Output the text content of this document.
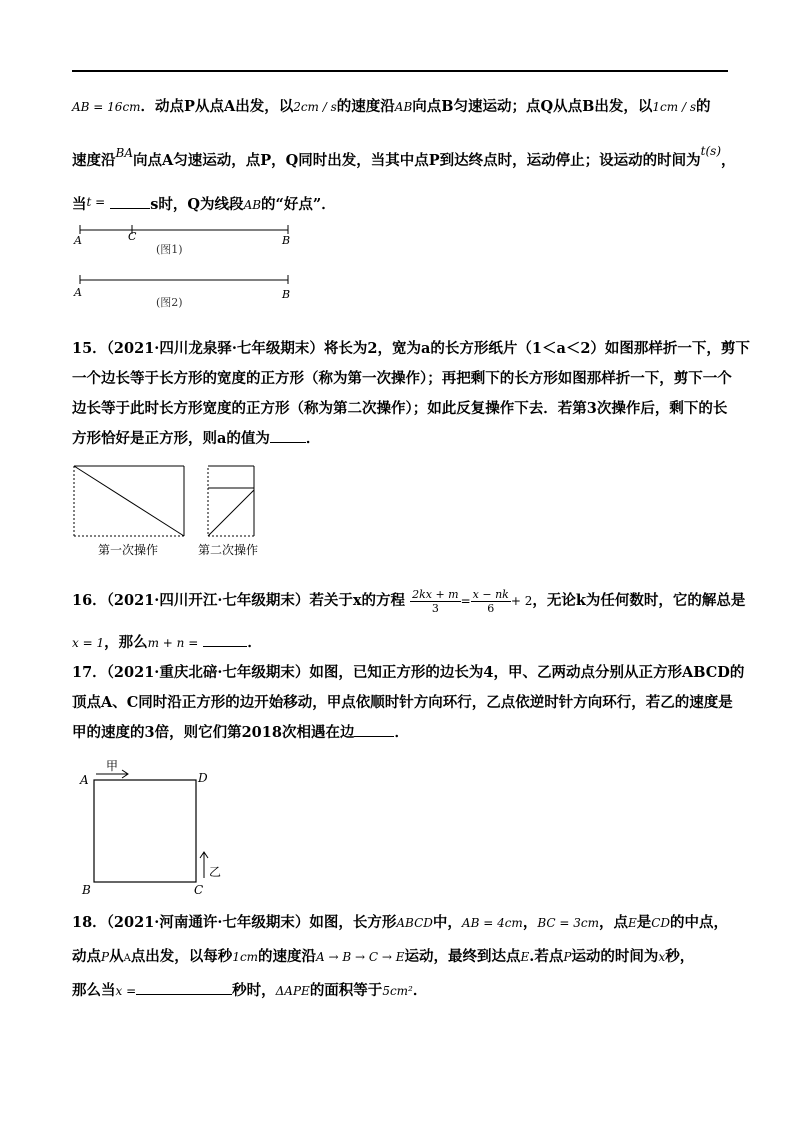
AB = 16cm．动点P从点A出发，以2cm / s的速度沿AB向点B匀速运动；点Q从点B出发，以1cm / s的
速度沿$^{BA}$向点A匀速运动，点P，Q同时出发，当其中点P到达终点时，运动停止；设运动的时间为$^{t(s)}$，
当$^{t =}$	s时，Q为线段AB的“好点”．
A	C	B
(图1)
A	B
(图2)
15．（2021·四川龙泉驿·七年级期末）将长为2，宽为a的长方形纸片（1＜a＜2）如图那样折一下，剪下
一个边长等于长方形的宽度的正方形（称为第一次操作）；再把剩下的长方形如图那样折一下，剪下一个
边长等于此时长方形宽度的正方形（称为第二次操作）；如此反复操作下去．若第3次操作后，剩下的长
方形恰好是正方形，则a的值为 ．
第一次操作	第二次操作
16．（2021·四川开江·七年级期末）若关于x的方程 $\frac{2kx + m}{3} = \frac{x - nk}{6} + 2$，无论k为任何数时，它的解总是
x = 1，那么m + n =	．
17．（2021·重庆北碚·七年级期末）如图，已知正方形的边长为4，甲、乙两动点分别从正方形ABCD的
顶点A、C同时沿正方形的边开始移动，甲点依顺时针方向环行，乙点依逆时针方向环行，若乙的速度是
甲的速度的3倍，则它们第2018次相遇在边	．
A	D
B	C
甲
乙
18．（2021·河南通许·七年级期末）如图，长方形ABCD中，AB = 4cm，BC = 3cm，点E是CD的中点，
动点P从A点出发，以每秒1cm的速度沿A → B → C → E运动，最终到达点E.若点P运动的时间为x秒，
那么当x =	秒时，ΔAPE的面积等于5cm²．
